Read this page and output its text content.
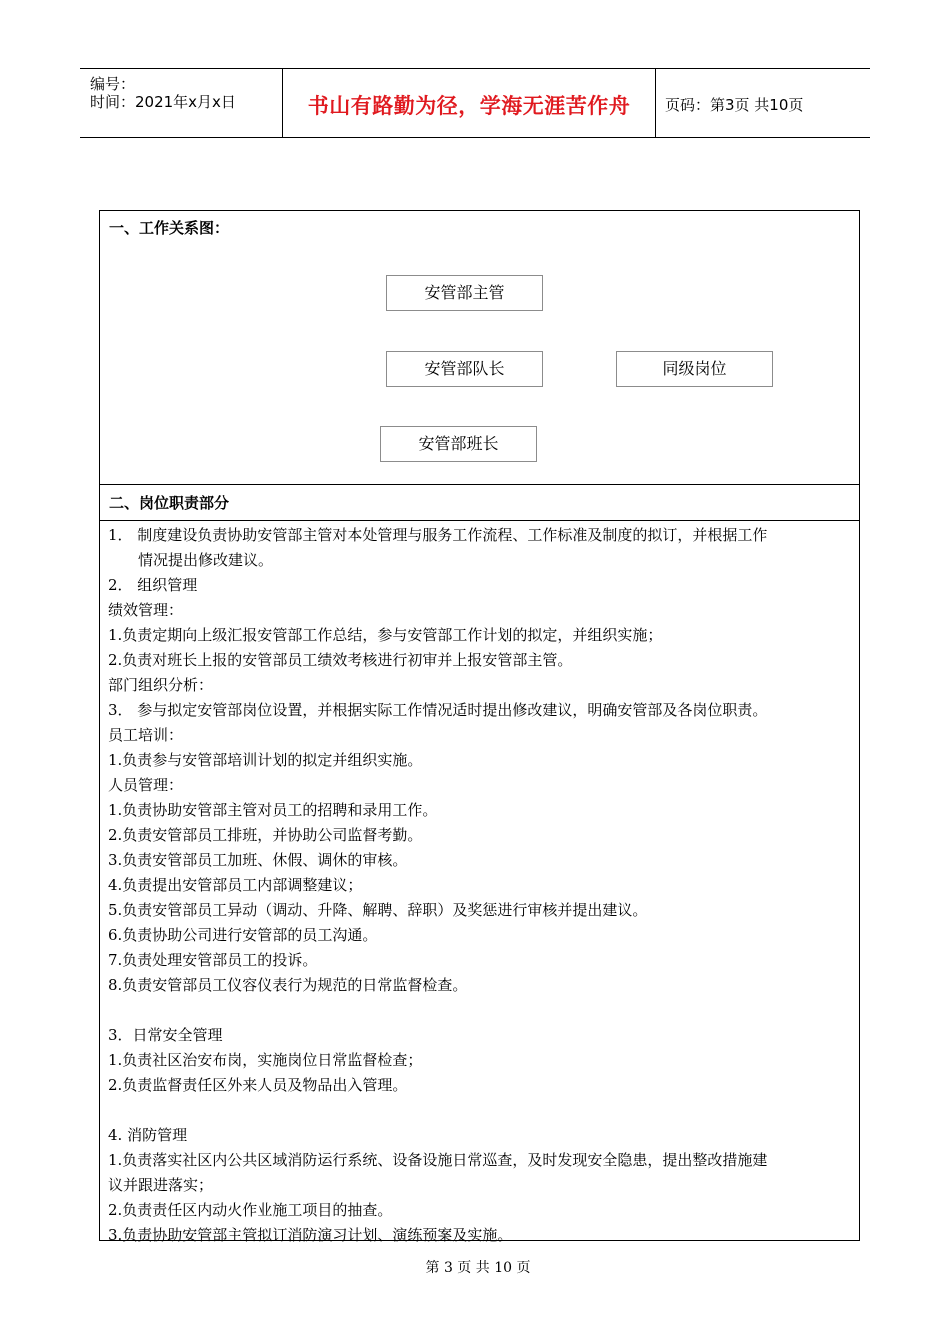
编号：
时间：2021年x月x日	书山有路勤为径，学海无涯苦作舟	页码：第3页 共10页
一、工作关系图：
安管部主管
安管部队长	同级岗位
安管部班长
二、岗位职责部分
1． 制度建设负责协助安管部主管对本处管理与服务工作流程、工作标准及制度的拟订，并根据工作
情况提出修改建议。
2． 组织管理
绩效管理：
1.负责定期向上级汇报安管部工作总结，参与安管部工作计划的拟定，并组织实施；
2.负责对班长上报的安管部员工绩效考核进行初审并上报安管部主管。
部门组织分析：
3． 参与拟定安管部岗位设置，并根据实际工作情况适时提出修改建议，明确安管部及各岗位职责。
员工培训：
1.负责参与安管部培训计划的拟定并组织实施。
人员管理：
1.负责协助安管部主管对员工的招聘和录用工作。
2.负责安管部员工排班，并协助公司监督考勤。
3.负责安管部员工加班、休假、调休的审核。
4.负责提出安管部员工内部调整建议；
5.负责安管部员工异动（调动、升降、解聘、辞职）及奖惩进行审核并提出建议。
6.负责协助公司进行安管部的员工沟通。
7.负责处理安管部员工的投诉。
8.负责安管部员工仪容仪表行为规范的日常监督检查。
3．日常安全管理
1.负责社区治安布岗，实施岗位日常监督检查；
2.负责监督责任区外来人员及物品出入管理。
4. 消防管理
1.负责落实社区内公共区域消防运行系统、设备设施日常巡查，及时发现安全隐患，提出整改措施建
议并跟进落实；
2.负责责任区内动火作业施工项目的抽查。
3.负责协助安管部主管拟订消防演习计划、演练预案及实施。
第 3 页 共 10 页
